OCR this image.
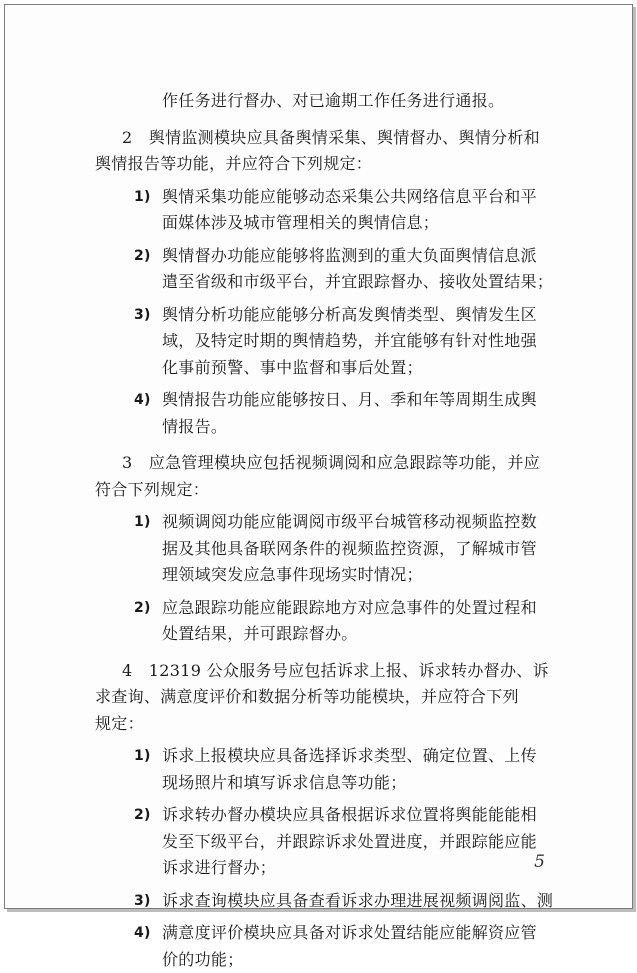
作任务进行督办、对已逾期工作任务进行通报。
2　舆情监测模块应具备舆情采集、舆情督办、舆情分析和
舆情报告等功能，并应符合下列规定：
1) 舆情采集功能应能够动态采集公共网络信息平台和平
面媒体涉及城市管理相关的舆情信息；
2) 舆情督办功能应能够将监测到的重大负面舆情信息派
遣至省级和市级平台，并宜跟踪督办、接收处置结果；
3) 舆情分析功能应能够分析高发舆情类型、舆情发生区
域，及特定时期的舆情趋势，并宜能够有针对性地强
化事前预警、事中监督和事后处置；
4) 舆情报告功能应能够按日、月、季和年等周期生成舆
情报告。
3　应急管理模块应包括视频调阅和应急跟踪等功能，并应
符合下列规定：
1) 视频调阅功能应能调阅市级平台城管移动视频监控数
据及其他具备联网条件的视频监控资源，了解城市管
理领域突发应急事件现场实时情况；
2) 应急跟踪功能应能跟踪地方对应急事件的处置过程和
处置结果，并可跟踪督办。
4　12319 公众服务号应包括诉求上报、诉求转办督办、诉
求查询、满意度评价和数据分析等功能模块，并应符合下列
规定：
1) 诉求上报模块应具备选择诉求类型、确定位置、上传
现场照片和填写诉求信息等功能；
2) 诉求转办督办模块应具备根据诉求位置将舆能能能相
发至下级平台，并跟踪诉求处置进度，并跟踪能应能
诉求进行督办；
3) 诉求查询模块应具备查看诉求办理进展视频调阅监、测
4) 满意度评价模块应具备对诉求处置结能应能解资应管
价的功能；
5
